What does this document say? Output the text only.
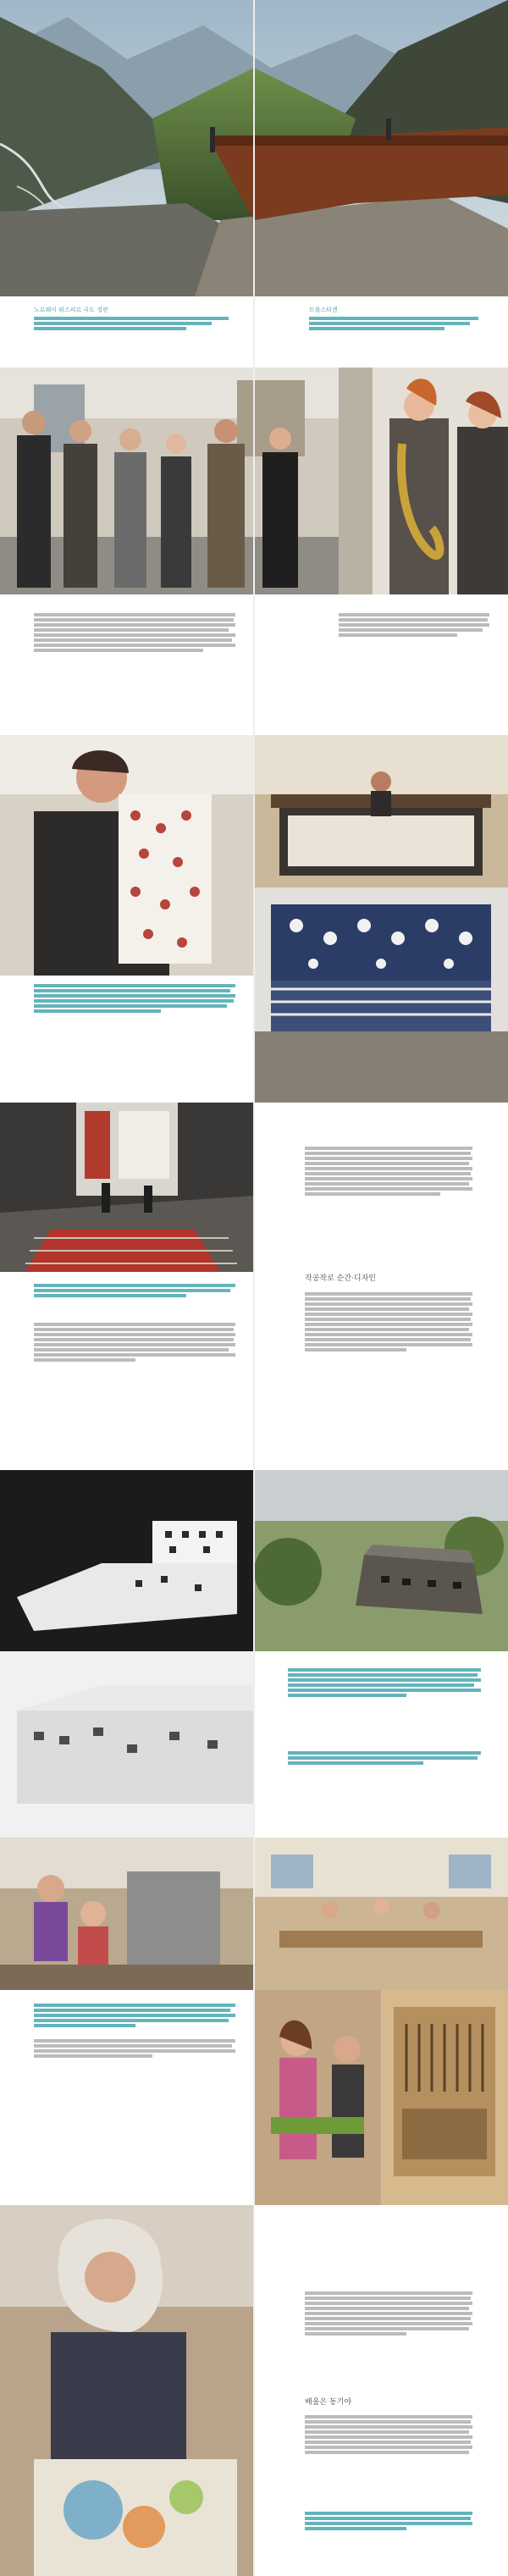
노르웨이 튀스피르 국도 경관	트롤스티겐
작공작로 순간·디자인
배울은 동기야
